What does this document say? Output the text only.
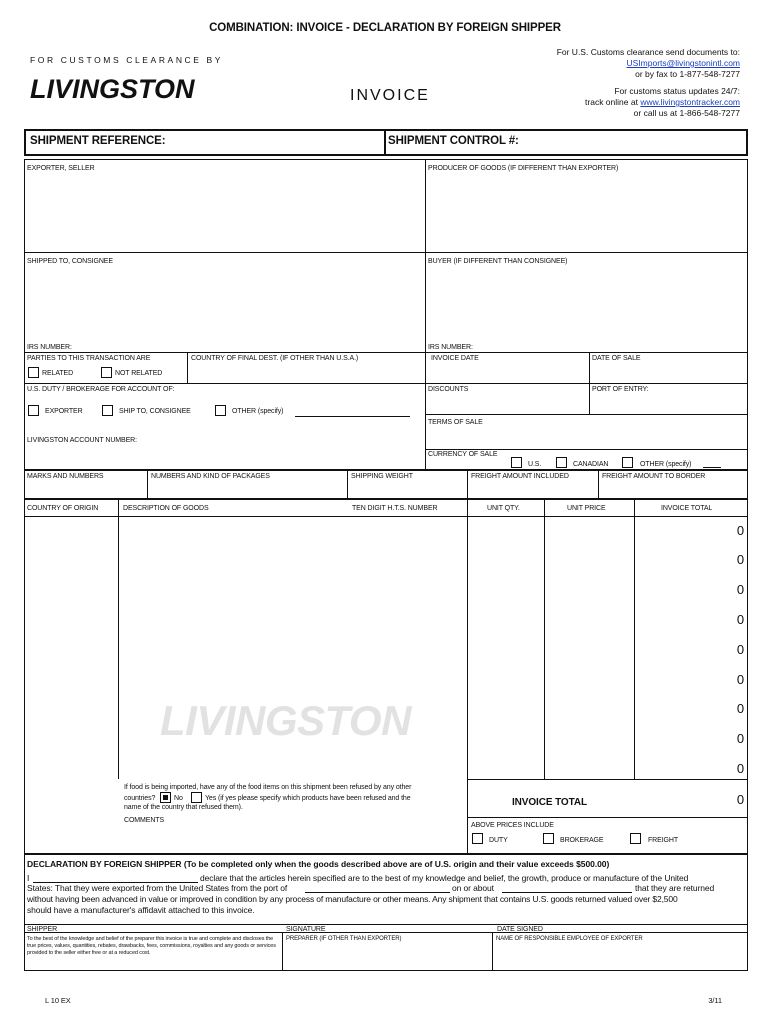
COMBINATION: INVOICE - DECLARATION BY FOREIGN SHIPPER
FOR CUSTOMS CLEARANCE BY
LIVINGSTON	INVOICE
For U.S. Customs clearance send documents to:
USImports@livingstonintl.com
or by fax to 1-877-548-7277
For customs status updates 24/7:
track online at www.livingstontracker.com
or call us at 1-866-548-7277
SHIPMENT REFERENCE:	SHIPMENT CONTROL #:
EXPORTER, SELLER	PRODUCER OF GOODS (IF DIFFERENT THAN EXPORTER)
SHIPPED TO, CONSIGNEE	BUYER (IF DIFFERENT THAN CONSIGNEE)
IRS NUMBER:	IRS NUMBER:
PARTIES TO THIS TRANSACTION ARE
RELATED	NOT RELATED
COUNTRY OF FINAL DEST. (IF OTHER THAN U.S.A.)	INVOICE DATE	DATE OF SALE
U.S. DUTY / BROKERAGE FOR ACCOUNT OF:
EXPORTER	SHIP TO, CONSIGNEE	OTHER (specify)
DISCOUNTS	PORT OF ENTRY:
TERMS OF SALE
LIVINGSTON ACCOUNT NUMBER:
CURRENCY OF SALE
U.S.	CANADIAN	OTHER (specify)
MARKS AND NUMBERS	NUMBERS AND KIND OF PACKAGES	SHIPPING WEIGHT	FREIGHT AMOUNT INCLUDED	FREIGHT AMOUNT TO BORDER
COUNTRY OF ORIGIN	DESCRIPTION OF GOODS	TEN DIGIT H.T.S. NUMBER	UNIT QTY.	UNIT PRICE	INVOICE TOTAL
0
0
0
0
0
0
0
0
0
LIVINGSTON
If food is being imported, have any of the food items on this shipment been refused by any other
countries?	No	Yes (if yes please specify which products have been refused and the
name of the country that refused them).
COMMENTS
INVOICE TOTAL	0
ABOVE PRICES INCLUDE
DUTY	BROKERAGE	FREIGHT
DECLARATION BY FOREIGN SHIPPER (To be completed only when the goods described above are of U.S. origin and their value exceeds $500.00)
I	declare that the articles herein specified are to the best of my knowledge and belief, the growth, produce or manufacture of the United
States: That they were exported from the United States from the port of	on or about	that they are returned
without having been advanced in value or improved in condition by any process of manufacture or other means. Any shipment that contains U.S. goods returned valued over $2,500
should have a manufacturer's affidavit attached to this invoice.
SHIPPER	SIGNATURE	DATE SIGNED
To the best of the knowledge and belief of the preparer this invoice is true and complete and discloses the true prices, values, quantities, rebates, drawbacks, fees, commissions, royalties and any goods or services provided to the seller either free or at a reduced cost.
PREPARER (IF OTHER THAN EXPORTER)	NAME OF RESPONSIBLE EMPLOYEE OF EXPORTER
L 10 EX	3/11
